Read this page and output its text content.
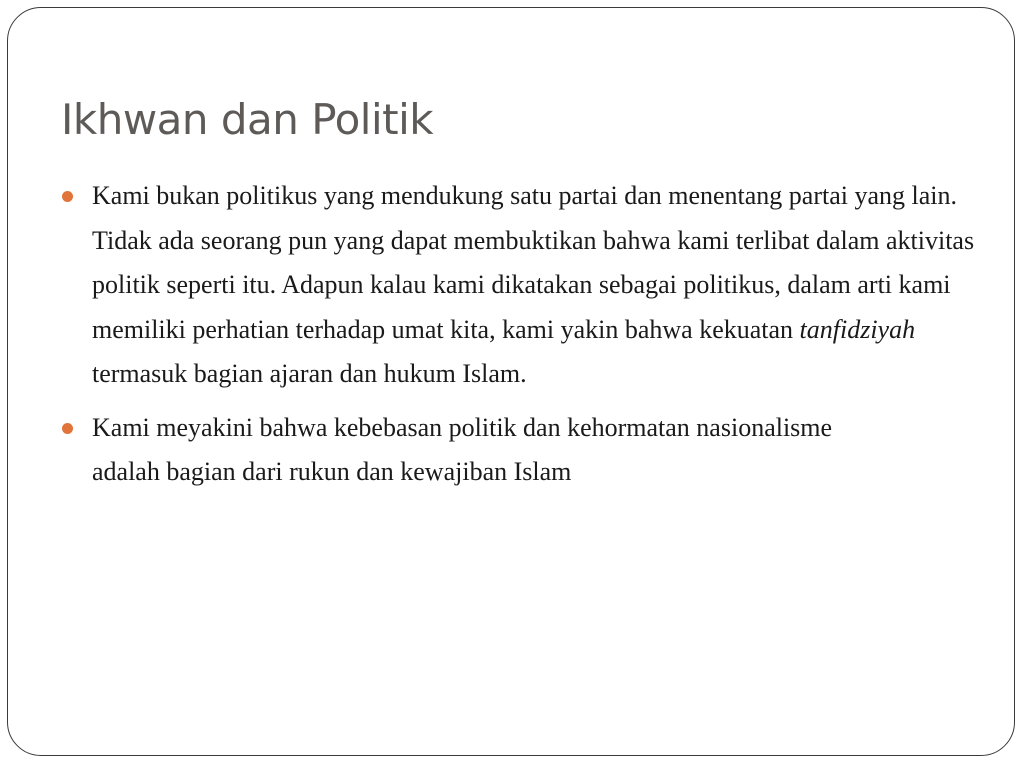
Ikhwan dan Politik
Kami bukan politikus yang mendukung satu partai dan menentang partai yang lain. Tidak ada seorang pun yang dapat membuktikan bahwa kami terlibat dalam aktivitas politik seperti itu. Adapun kalau kami dikatakan sebagai politikus, dalam arti kami memiliki perhatian terhadap umat kita, kami yakin bahwa kekuatan tanfidziyah termasuk bagian ajaran dan hukum Islam.
Kami meyakini bahwa kebebasan politik dan kehormatan nasionalisme adalah bagian dari rukun dan kewajiban Islam
